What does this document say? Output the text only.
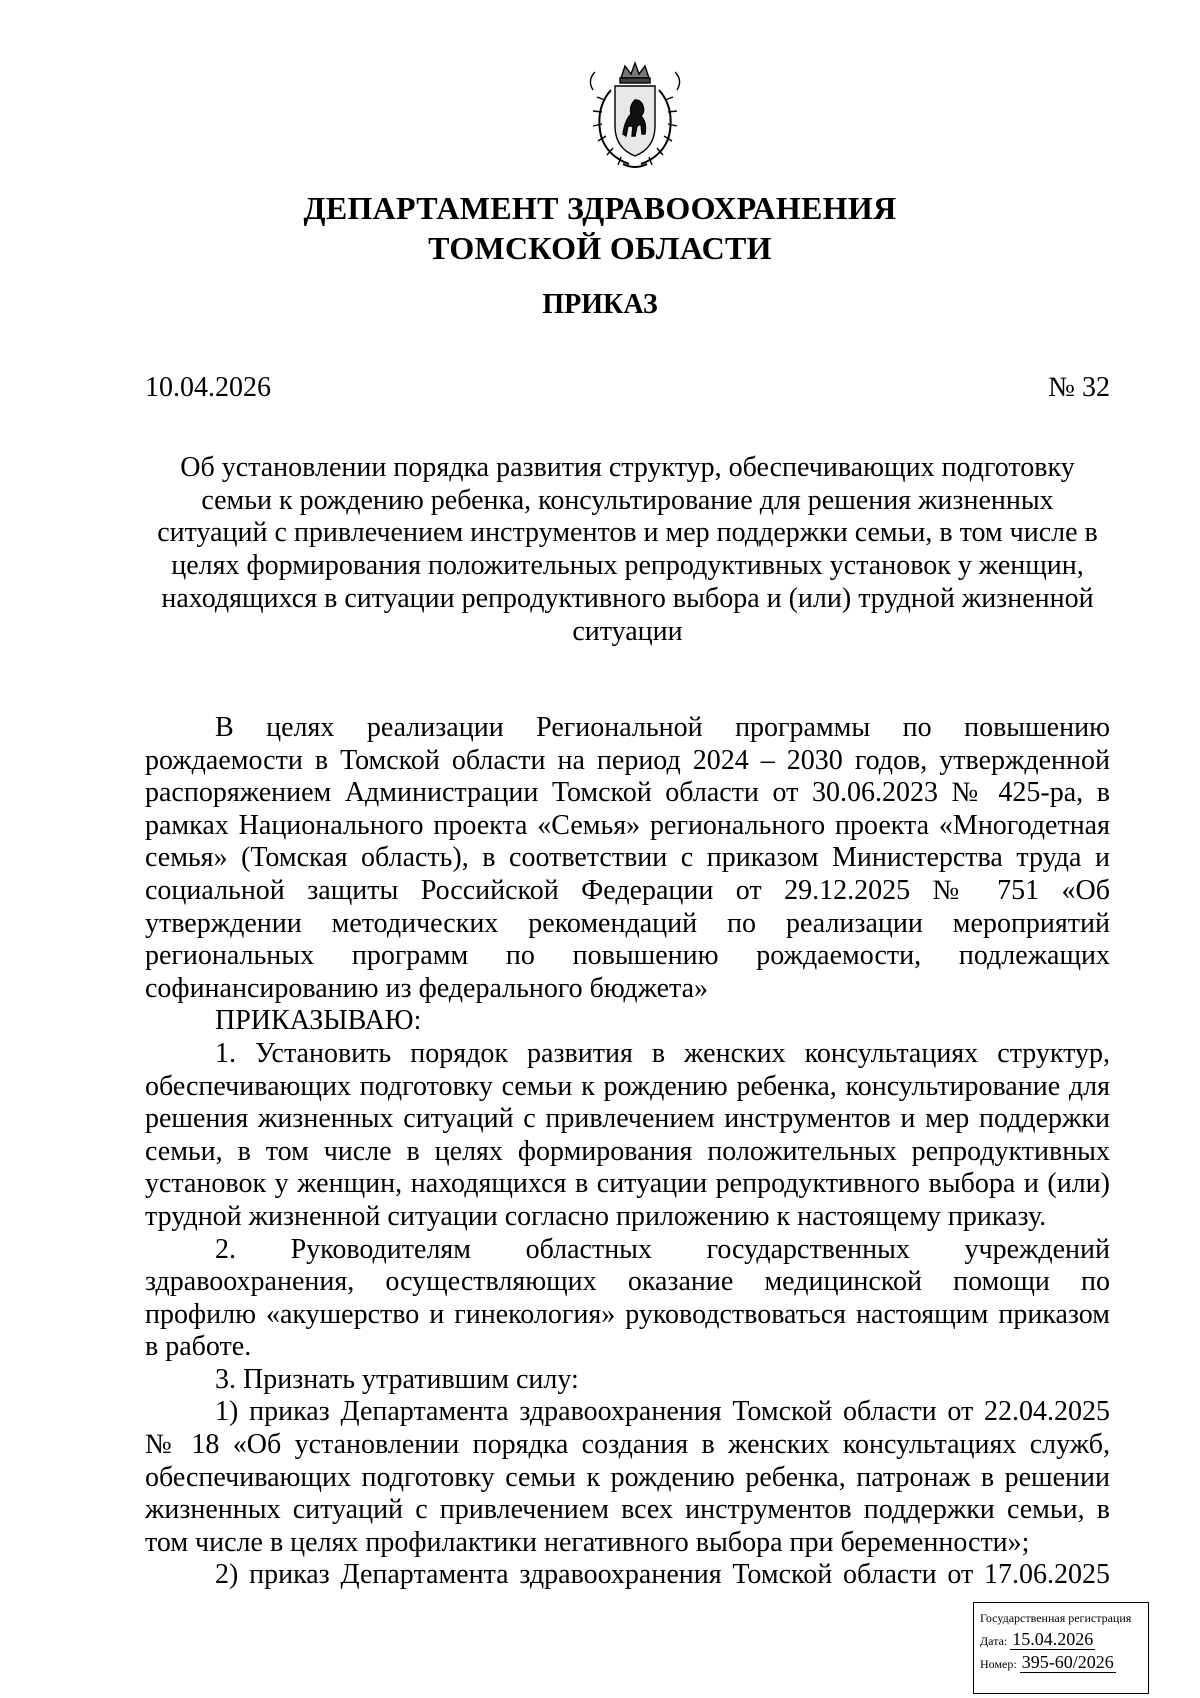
ДЕПАРТАМЕНТ ЗДРАВООХРАНЕНИЯ
ТОМСКОЙ ОБЛАСТИ
ПРИКАЗ
10.04.2026	№ 32
Об установлении порядка развития структур, обеспечивающих подготовку
семьи к рождению ребенка, консультирование для решения жизненных
ситуаций с привлечением инструментов и мер поддержки семьи, в том числе в
целях формирования положительных репродуктивных установок у женщин,
находящихся в ситуации репродуктивного выбора и (или) трудной жизненной
ситуации
В целях реализации Региональной программы по повышению
рождаемости в Томской области на период 2024 – 2030 годов, утвержденной
распоряжением Администрации Томской области от 30.06.2023 № 425-ра, в
рамках Национального проекта «Семья» регионального проекта «Многодетная
семья» (Томская область), в соответствии с приказом Министерства труда и
социальной защиты Российской Федерации от 29.12.2025 № 751 «Об
утверждении методических рекомендаций по реализации мероприятий
региональных программ по повышению рождаемости, подлежащих
софинансированию из федерального бюджета»
ПРИКАЗЫВАЮ:
1. Установить порядок развития в женских консультациях структур,
обеспечивающих подготовку семьи к рождению ребенка, консультирование для
решения жизненных ситуаций с привлечением инструментов и мер поддержки
семьи, в том числе в целях формирования положительных репродуктивных
установок у женщин, находящихся в ситуации репродуктивного выбора и (или)
трудной жизненной ситуации согласно приложению к настоящему приказу.
2. Руководителям областных государственных учреждений
здравоохранения, осуществляющих оказание медицинской помощи по
профилю «акушерство и гинекология» руководствоваться настоящим приказом
в работе.
3. Признать утратившим силу:
1) приказ Департамента здравоохранения Томской области от 22.04.2025
№ 18 «Об установлении порядка создания в женских консультациях служб,
обеспечивающих подготовку семьи к рождению ребенка, патронаж в решении
жизненных ситуаций с привлечением всех инструментов поддержки семьи, в
том числе в целях профилактики негативного выбора при беременности»;
2) приказ Департамента здравоохранения Томской области от 17.06.2025
Государственная регистрация
Дата: 15.04.2026
Номер: 395-60/2026
